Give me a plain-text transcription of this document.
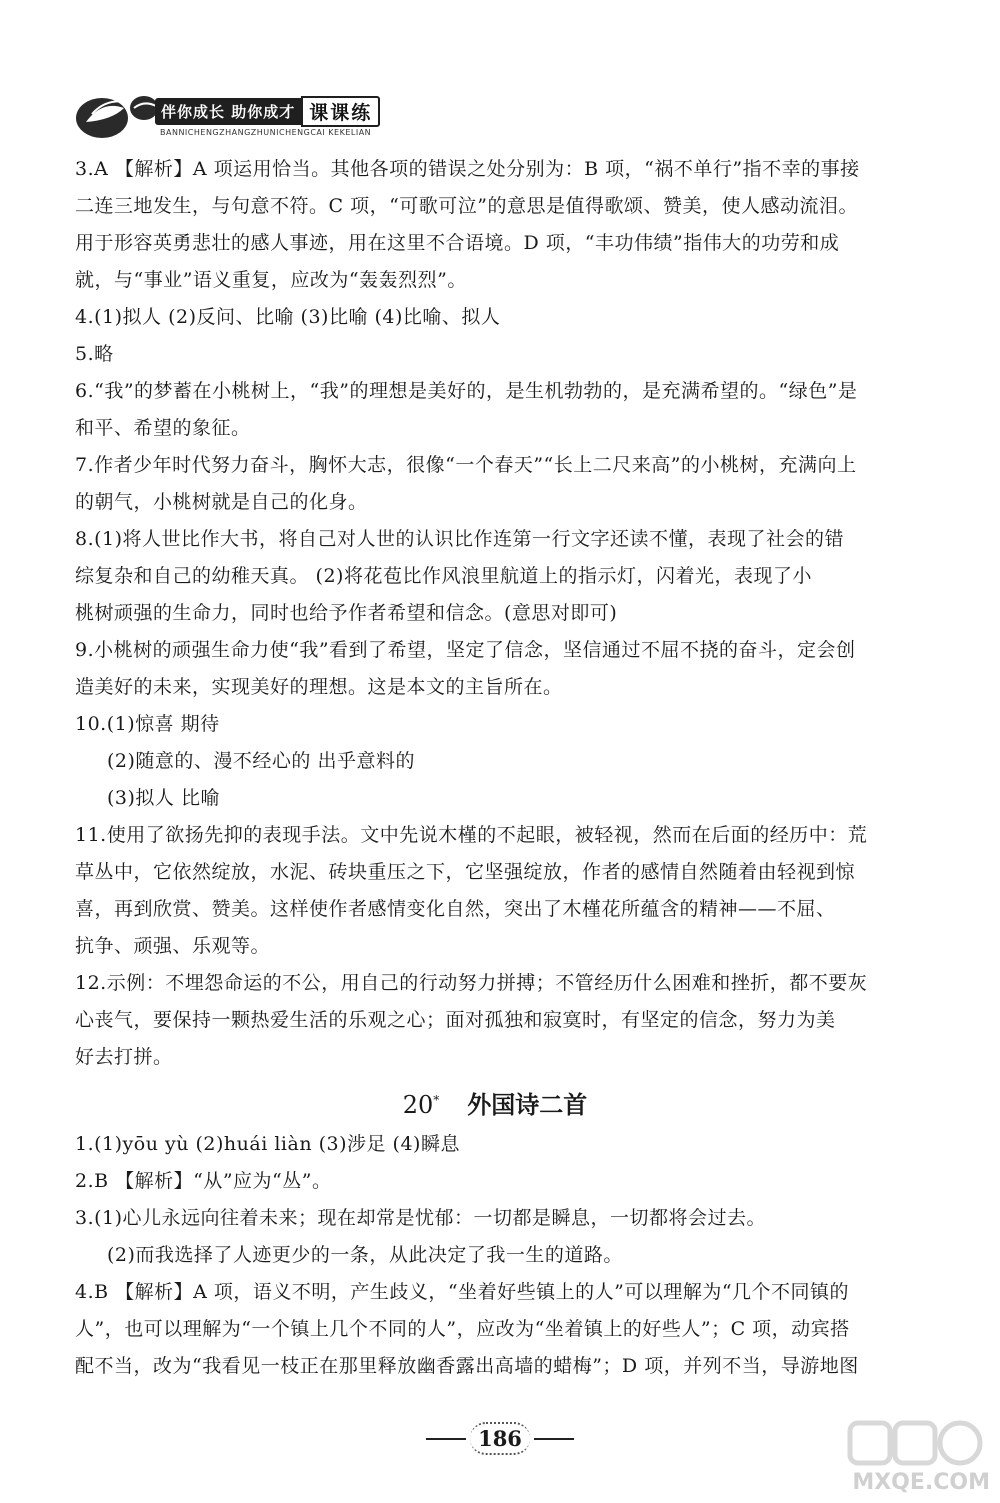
伴你成长 助你成才 课课练
BANNICHENGZHANGZHUNICHENGCAI KEKELIAN
3.A 【解析】A 项运用恰当。其他各项的错误之处分别为：B 项，“祸不单行”指不幸的事接
二连三地发生，与句意不符。C 项，“可歌可泣”的意思是值得歌颂、赞美，使人感动流泪。
用于形容英勇悲壮的感人事迹，用在这里不合语境。D 项，“丰功伟绩”指伟大的功劳和成
就，与“事业”语义重复，应改为“轰轰烈烈”。
4.(1)拟人 (2)反问、比喻 (3)比喻 (4)比喻、拟人
5.略
6.“我”的梦蓄在小桃树上，“我”的理想是美好的，是生机勃勃的，是充满希望的。“绿色”是
和平、希望的象征。
7.作者少年时代努力奋斗，胸怀大志，很像“一个春天”“长上二尺来高”的小桃树，充满向上
的朝气，小桃树就是自己的化身。
8.(1)将人世比作大书，将自己对人世的认识比作连第一行文字还读不懂，表现了社会的错
综复杂和自己的幼稚天真。 (2)将花苞比作风浪里航道上的指示灯，闪着光，表现了小
桃树顽强的生命力，同时也给予作者希望和信念。(意思对即可)
9.小桃树的顽强生命力使“我”看到了希望，坚定了信念，坚信通过不屈不挠的奋斗，定会创
造美好的未来，实现美好的理想。这是本文的主旨所在。
10.(1)惊喜 期待
(2)随意的、漫不经心的 出乎意料的
(3)拟人 比喻
11.使用了欲扬先抑的表现手法。文中先说木槿的不起眼，被轻视，然而在后面的经历中：荒
草丛中，它依然绽放，水泥、砖块重压之下，它坚强绽放，作者的感情自然随着由轻视到惊
喜，再到欣赏、赞美。这样使作者感情变化自然，突出了木槿花所蕴含的精神——不屈、
抗争、顽强、乐观等。
12.示例：不埋怨命运的不公，用自己的行动努力拼搏；不管经历什么困难和挫折，都不要灰
心丧气，要保持一颗热爱生活的乐观之心；面对孤独和寂寞时，有坚定的信念，努力为美
好去打拼。
20* 外国诗二首
1.(1)yōu yù (2)huái liàn (3)涉足 (4)瞬息
2.B 【解析】“从”应为“丛”。
3.(1)心儿永远向往着未来；现在却常是忧郁：一切都是瞬息，一切都将会过去。
(2)而我选择了人迹更少的一条，从此决定了我一生的道路。
4.B 【解析】A 项，语义不明，产生歧义，“坐着好些镇上的人”可以理解为“几个不同镇的
人”，也可以理解为“一个镇上几个不同的人”，应改为“坐着镇上的好些人”；C 项，动宾搭
配不当，改为“我看见一枝正在那里释放幽香露出高墙的蜡梅”；D 项，并列不当，导游地图
186
MXQE.COM
